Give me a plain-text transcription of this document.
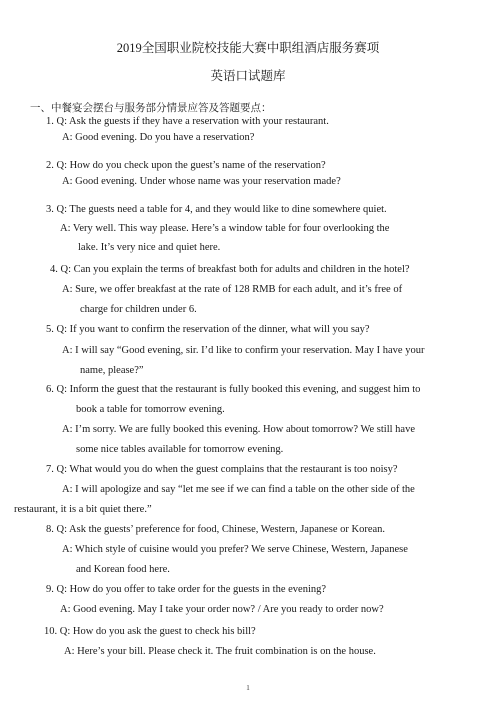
2019全国职业院校技能大赛中职组酒店服务赛项
英语口试题库
一、中餐宴会摆台与服务部分情景应答及答题要点：
1. Q: Ask the guests if they have a reservation with your restaurant.
A: Good evening. Do you have a reservation?
2. Q: How do you check upon the guest’s name of the reservation?
A: Good evening. Under whose name was your reservation made?
3. Q: The guests need a table for 4, and they would like to dine somewhere quiet.
A: Very well. This way please. Here’s a window table for four overlooking the
lake. It’s very nice and quiet here.
4. Q: Can you explain the terms of breakfast both for adults and children in the hotel?
A: Sure, we offer breakfast at the rate of 128 RMB for each adult, and it’s free of
charge for children under 6.
5. Q: If you want to confirm the reservation of the dinner, what will you say?
A: I will say “Good evening, sir. I’d like to confirm your reservation. May I have your
name, please?”
6. Q: Inform the guest that the restaurant is fully booked this evening, and suggest him to
book a table for tomorrow evening.
A: I’m sorry. We are fully booked this evening. How about tomorrow? We still have
some nice tables available for tomorrow evening.
7. Q: What would you do when the guest complains that the restaurant is too noisy?
A: I will apologize and say “let me see if we can find a table on the other side of the
restaurant, it is a bit quiet there.”
8. Q: Ask the guests’ preference for food, Chinese, Western, Japanese or Korean.
A: Which style of cuisine would you prefer? We serve Chinese, Western, Japanese
and Korean food here.
9. Q: How do you offer to take order for the guests in the evening?
A: Good evening. May I take your order now? / Are you ready to order now?
10. Q: How do you ask the guest to check his bill?
A: Here’s your bill. Please check it. The fruit combination is on the house.
1
